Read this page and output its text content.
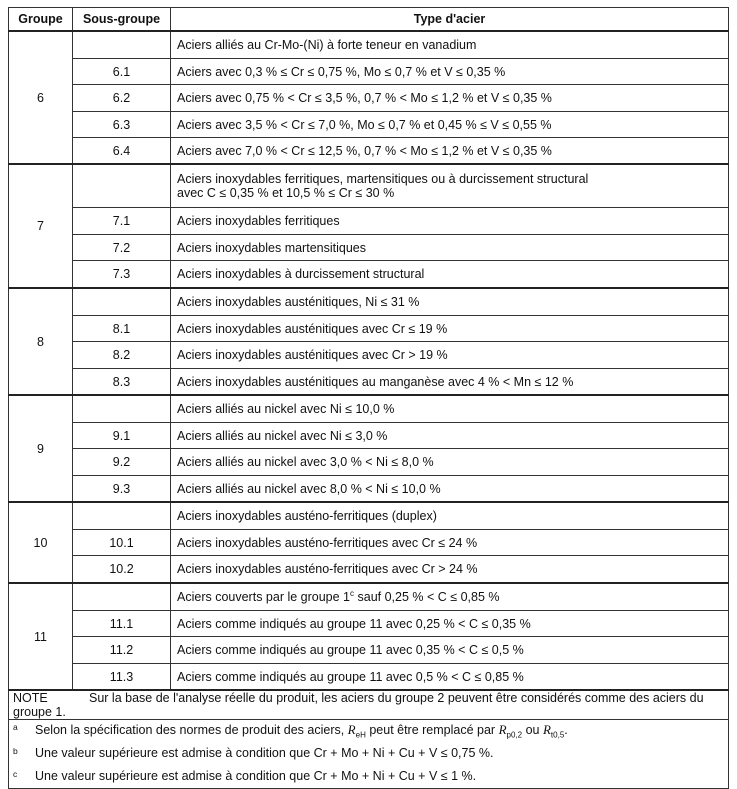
Groupe	Sous-groupe	Type d'acier
6		Aciers alliés au Cr-Mo-(Ni) à forte teneur en vanadium
	6.1	Aciers avec 0,3 % ≤ Cr ≤ 0,75 %, Mo ≤ 0,7 % et V ≤ 0,35 %
	6.2	Aciers avec 0,75 % < Cr ≤ 3,5 %, 0,7 % < Mo ≤ 1,2 % et V ≤ 0,35 %
	6.3	Aciers avec 3,5 % < Cr ≤ 7,0 %, Mo ≤ 0,7 % et 0,45 % ≤ V ≤ 0,55 %
	6.4	Aciers avec 7,0 % < Cr ≤ 12,5 %, 0,7 % < Mo ≤ 1,2 % et V ≤ 0,35 %
7		Aciers inoxydables ferritiques, martensitiques ou à durcissement structural
avec C ≤ 0,35 % et 10,5 % ≤ Cr ≤ 30 %
	7.1	Aciers inoxydables ferritiques
	7.2	Aciers inoxydables martensitiques
	7.3	Aciers inoxydables à durcissement structural
8		Aciers inoxydables austénitiques, Ni ≤ 31 %
	8.1	Aciers inoxydables austénitiques avec Cr ≤ 19 %
	8.2	Aciers inoxydables austénitiques avec Cr > 19 %
	8.3	Aciers inoxydables austénitiques au manganèse avec 4 % < Mn ≤ 12 %
9		Aciers alliés au nickel avec Ni ≤ 10,0 %
	9.1	Aciers alliés au nickel avec Ni ≤ 3,0 %
	9.2	Aciers alliés au nickel avec 3,0 % < Ni ≤ 8,0 %
	9.3	Aciers alliés au nickel avec 8,0 % < Ni ≤ 10,0 %
10		Aciers inoxydables austéno-ferritiques (duplex)
	10.1	Aciers inoxydables austéno-ferritiques avec Cr ≤ 24 %
	10.2	Aciers inoxydables austéno-ferritiques avec Cr > 24 %
11		Aciers couverts par le groupe 1$^c$ sauf 0,25 % < C ≤ 0,85 %
	11.1	Aciers comme indiqués au groupe 11 avec 0,25 % < C ≤ 0,35 %
	11.2	Aciers comme indiqués au groupe 11 avec 0,35 % < C ≤ 0,5 %
	11.3	Aciers comme indiqués au groupe 11 avec 0,5 % < C ≤ 0,85 %
NOTE Sur la base de l'analyse réelle du produit, les aciers du groupe 2 peuvent être considérés comme des aciers du groupe 1.		
a Selon la spécification des normes de produit des aciers, $R_{eH}$ peut être remplacé par $R_{p0,2}$ ou $R_{t0,5}$.		
b Une valeur supérieure est admise à condition que Cr + Mo + Ni + Cu + V ≤ 0,75 %.		
c Une valeur supérieure est admise à condition que Cr + Mo + Ni + Cu + V ≤ 1 %.		
